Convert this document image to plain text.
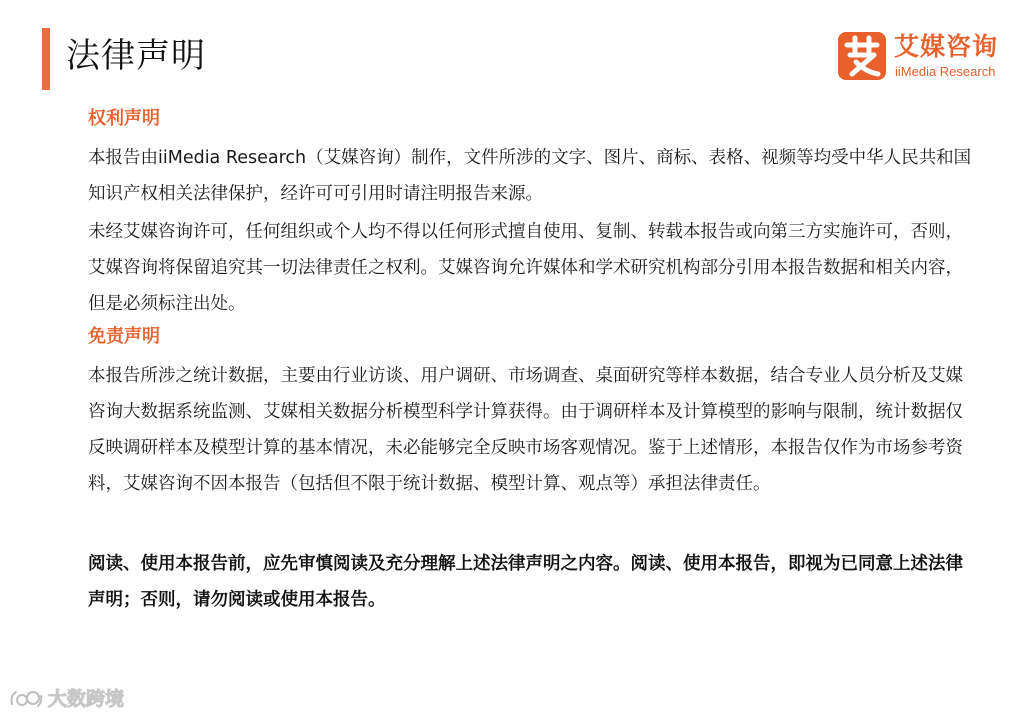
法律声明	艾媒咨询
iiMedia Research
权利声明

本报告由iiMedia Research（艾媒咨询）制作，文件所涉的文字、图片、商标、表格、视频等均受中华人民共和国知识产权相关法律保护，经许可可引用时请注明报告来源。

未经艾媒咨询许可，任何组织或个人均不得以任何形式擅自使用、复制、转载本报告或向第三方实施许可，否则，艾媒咨询将保留追究其一切法律责任之权利。艾媒咨询允许媒体和学术研究机构部分引用本报告数据和相关内容，但是必须标注出处。

免责声明

本报告所涉之统计数据，主要由行业访谈、用户调研、市场调查、桌面研究等样本数据，结合专业人员分析及艾媒咨询大数据系统监测、艾媒相关数据分析模型科学计算获得。由于调研样本及计算模型的影响与限制，统计数据仅反映调研样本及模型计算的基本情况，未必能够完全反映市场客观情况。鉴于上述情形，本报告仅作为市场参考资料，艾媒咨询不因本报告（包括但不限于统计数据、模型计算、观点等）承担法律责任。

阅读、使用本报告前，应先审慎阅读及充分理解上述法律声明之内容。阅读、使用本报告，即视为已同意上述法律声明；否则，请勿阅读或使用本报告。

大数跨境
